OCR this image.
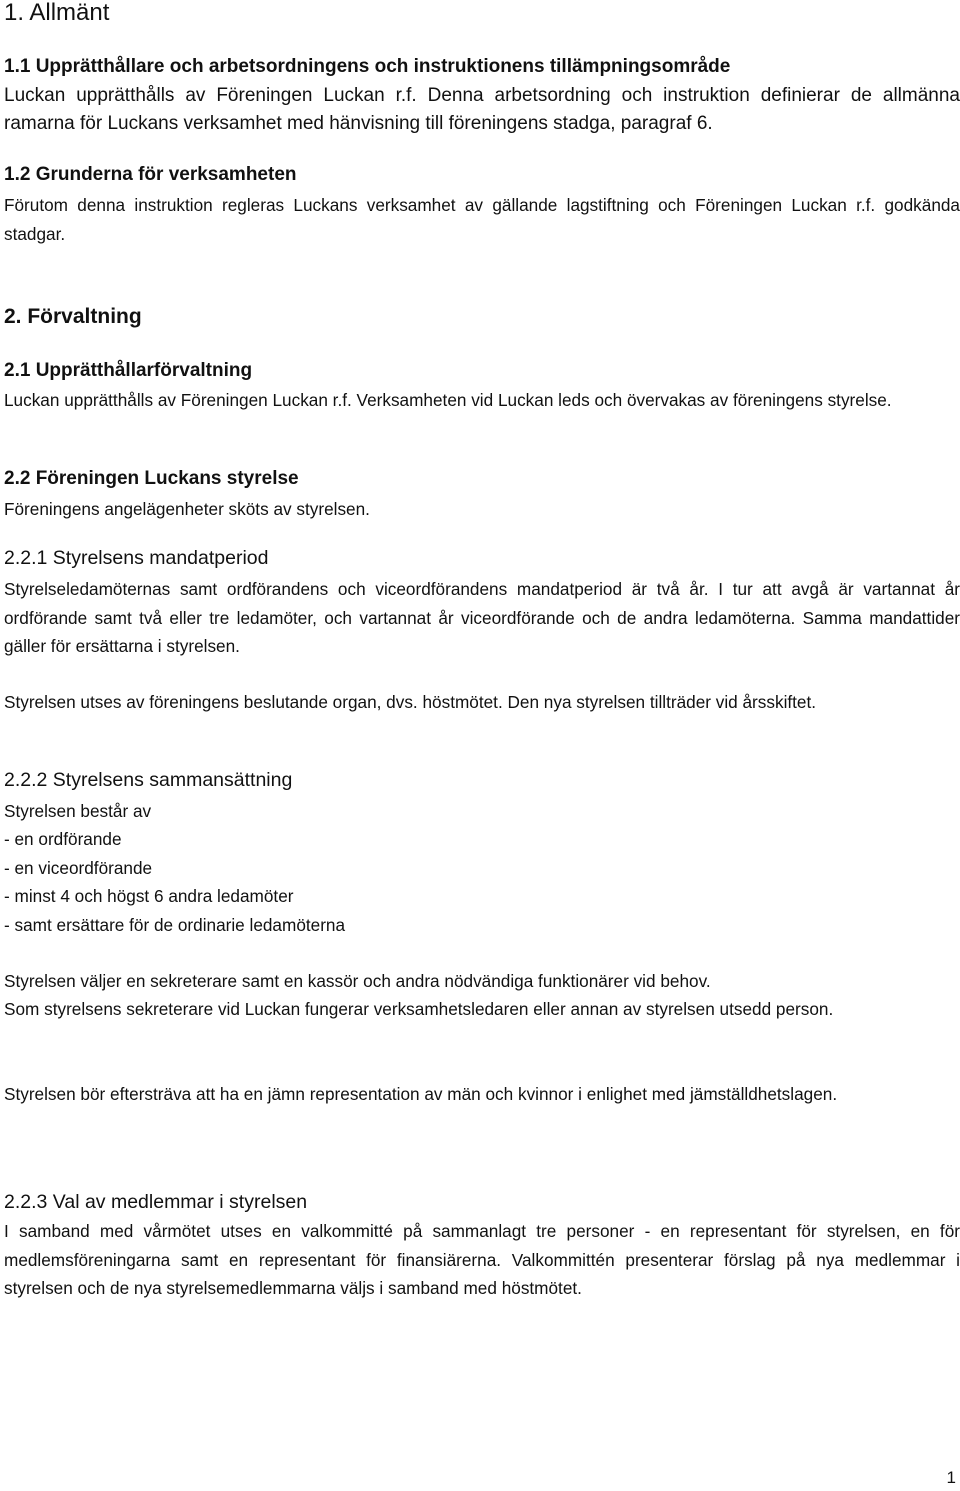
1. Allmänt
1.1 Upprätthållare och arbetsordningens och instruktionens tillämpningsområde

Luckan upprätthålls av Föreningen Luckan r.f. Denna arbetsordning och instruktion definierar de allmänna ramarna för Luckans verksamhet med hänvisning till föreningens stadga, paragraf 6.

1.2 Grunderna för verksamheten

Förutom denna instruktion regleras Luckans verksamhet av gällande lagstiftning och Föreningen Luckan r.f. godkända stadgar.

2. Förvaltning
2.1 Upprätthållarförvaltning

Luckan upprätthålls av Föreningen Luckan r.f. Verksamheten vid Luckan leds och övervakas av föreningens styrelse.

2.2 Föreningen Luckans styrelse

Föreningens angelägenheter sköts av styrelsen.

2.2.1 Styrelsens mandatperiod

Styrelseledamöternas samt ordförandens och viceordförandens mandatperiod är två år. I tur att avgå är vartannat år ordförande samt två eller tre ledamöter, och vartannat år viceordförande och de andra ledamöterna. Samma mandattider gäller för ersättarna i styrelsen.

Styrelsen utses av föreningens beslutande organ, dvs. höstmötet. Den nya styrelsen tillträder vid årsskiftet.

2.2.2 Styrelsens sammansättning

Styrelsen består av

- en ordförande
- en viceordförande
- minst 4 och högst 6 andra ledamöter
- samt ersättare för de ordinarie ledamöterna

Styrelsen väljer en sekreterare samt en kassör och andra nödvändiga funktionärer vid behov.

Som styrelsens sekreterare vid Luckan fungerar verksamhetsledaren eller annan av styrelsen utsedd person.

Styrelsen bör eftersträva att ha en jämn representation av män och kvinnor i enlighet med jämställdhetslagen.

2.2.3 Val av medlemmar i styrelsen

I samband med vårmötet utses en valkommitté på sammanlagt tre personer - en representant för styrelsen, en för medlemsföreningarna samt en representant för finansiärerna. Valkommittén presenterar förslag på nya medlemmar i styrelsen och de nya styrelsemedlemmarna väljs i samband med höstmötet.

1
